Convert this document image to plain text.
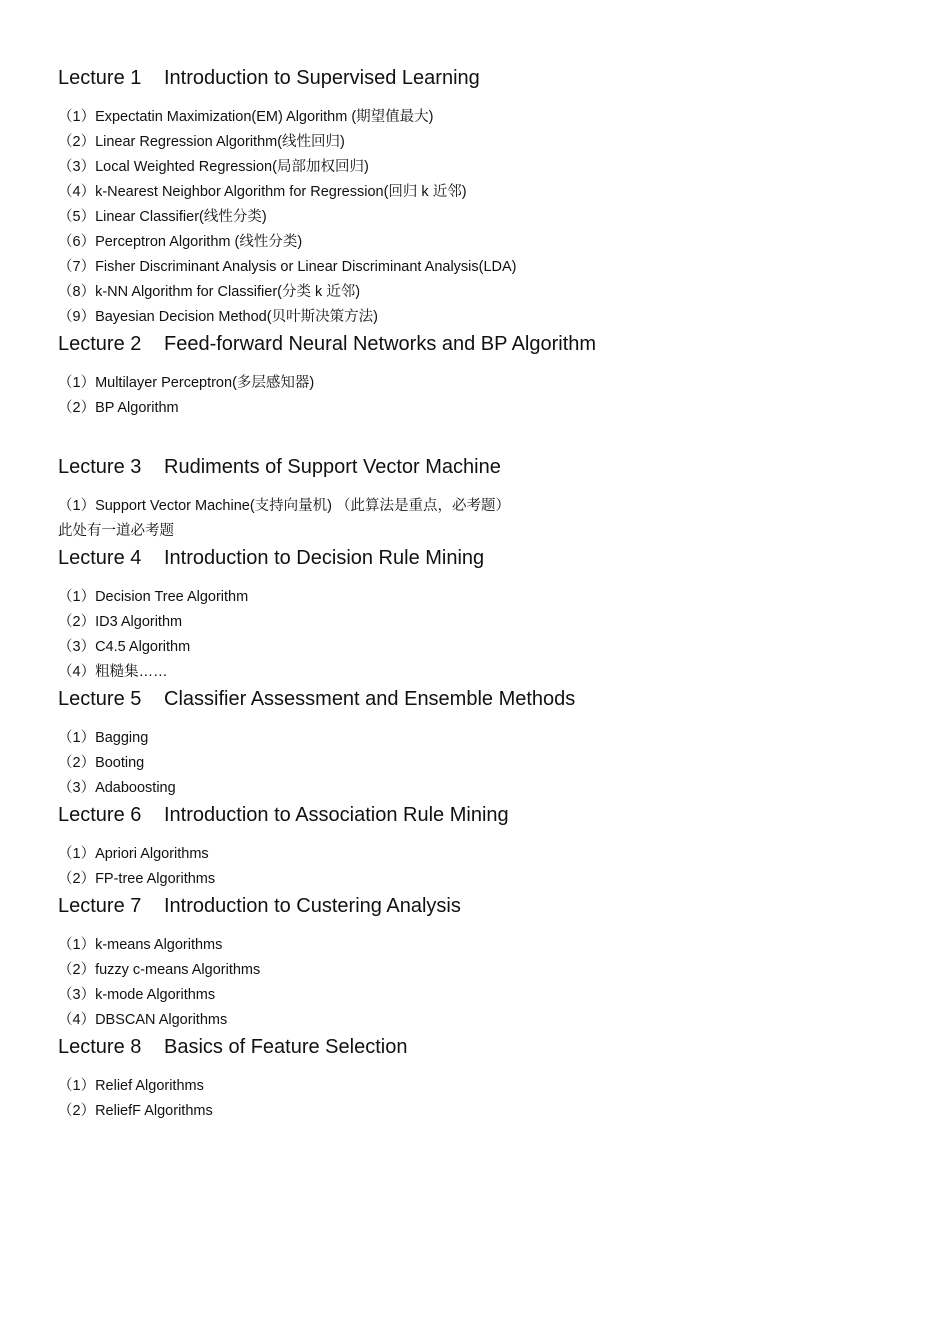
Lecture 1 Introduction to Supervised Learning
（1）Expectatin Maximization(EM) Algorithm (期望值最大)
（2）Linear Regression Algorithm(线性回归)
（3）Local Weighted Regression(局部加权回归)
（4）k-Nearest Neighbor Algorithm for Regression(回归 k 近邻)
（5）Linear Classifier(线性分类)
（6）Perceptron Algorithm (线性分类)
（7）Fisher Discriminant Analysis or Linear Discriminant Analysis(LDA)
（8）k-NN Algorithm for Classifier(分类 k 近邻)
（9）Bayesian Decision Method(贝叶斯决策方法)
Lecture 2 Feed-forward Neural Networks and BP Algorithm
（1）Multilayer Perceptron(多层感知器)
（2）BP Algorithm
Lecture 3 Rudiments of Support Vector Machine
（1）Support Vector Machine(支持向量机) （此算法是重点，必考题）
此处有一道必考题
Lecture 4 Introduction to Decision Rule Mining
（1）Decision Tree Algorithm
（2）ID3 Algorithm
（3）C4.5 Algorithm
（4）粗糙集……
Lecture 5 Classifier Assessment and Ensemble Methods
（1）Bagging
（2）Booting
（3）Adaboosting
Lecture 6 Introduction to Association Rule Mining
（1）Apriori Algorithms
（2）FP-tree Algorithms
Lecture 7 Introduction to Custering Analysis
（1）k-means Algorithms
（2）fuzzy c-means Algorithms
（3）k-mode Algorithms
（4）DBSCAN Algorithms
Lecture 8 Basics of Feature Selection
（1）Relief Algorithms
（2）ReliefF Algorithms
